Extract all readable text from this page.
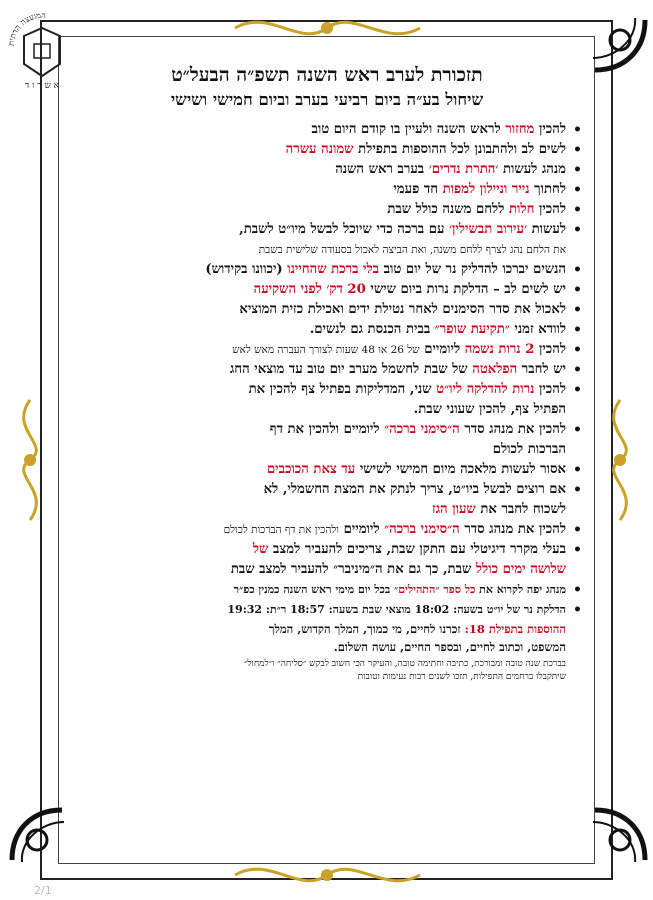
המועצה הדתית
א ש ד ו ד	תזכורת לערב ראש השנה תשפ״ה הבעל״ט
שיחול בע״ה ביום רביעי בערב וביום חמישי ושישי
•
להכין מחזור לראש השנה ולעיין בו קודם היום טוב
•
לשים לב ולהתבונן לכל ההוספות בתפילת שמונה עשרה
•
מנהג לעשות ׳התרת נדרים׳ בערב ראש השנה
•
לחתוך נייר וניילון למפות חד פעמי
•
להכין חלות ללחם משנה כולל שבת
•
לעשות ׳עירוב תבשילין׳ עם ברכה כדי שיוכל לבשל מיו״ט לשבת,
את הלחם נהג לצרף ללחם משנה, ואת הביצה לאכול בסעודה שלישית בשבת
•
הנשים יברכו להדליק נר של יום טוב בלי ברכת שהחיינו (יכוונו בקידוש)
•
יש לשים לב – הדלקת נרות ביום שישי 20 דק׳ לפני השקיעה
•
לאכול את סדר הסימנים לאחר נטילת ידים ואכילת כזית המוציא
•
לוודא זמני ״תקיעת שופר״ בבית הכנסת גם לנשים.
•
להכין 2 נרות נשמה ליומיים של 26 או 48 שעות לצורך העברה מאש לאש
•
יש לחבר הפלאטה של שבת לחשמל מערב יום טוב עד מוצאי החג
•
להכין נרות להדלקה ליו״ט שני, המדליקות בפתיל צף להכין את
הפתיל צף, להכין שעוני שבת.
•
להכין את מנהג סדר ה״סימני ברכה״ ליומיים ולהכין את דף
הברכות לכולם
•
אסור לעשות מלאכה מיום חמישי לשישי עד צאת הכוכבים
•
אם רוצים לבשל ביו״ט, צריך לנתק את המצת החשמלי, לא
לשכוח לחבר את שעון הגז
•
להכין את מנהג סדר ה״סימני ברכה״ ליומיים ולהכין את דף הברכות לכולם
•
בעלי מקרר דיגיטלי עם התקן שבת, צריכים להעביר למצב של
שלושה ימים כולל שבת, כך גם את ה״מיניבר״ להעביר למצב שבת
•
מנהג יפה לקרוא את כל ספר ״התהילים״ בכל יום מימי ראש השנה כמנין כפ״ר
•
הדלקת נר של יו״ט בשעה: 18:02 מוצאי שבת בשעה: 18:57 ר״ת: 19:32
ההוספות בתפילת 18: זכרנו לחיים, מי כמוך, המלך הקדוש, המלך
המשפט, וכתוב לחיים, ובספר החיים, עושה השלום.
בברכת שנה טובה ומבורכת, כתיבה וחתימה טובה, והעיקר הכי חשוב לבקש ״סליחה״ ו״למחול״
שיתקבלו ברחמים התפילות, תזכו לשנים רבות נעימות וטובות
2/1
